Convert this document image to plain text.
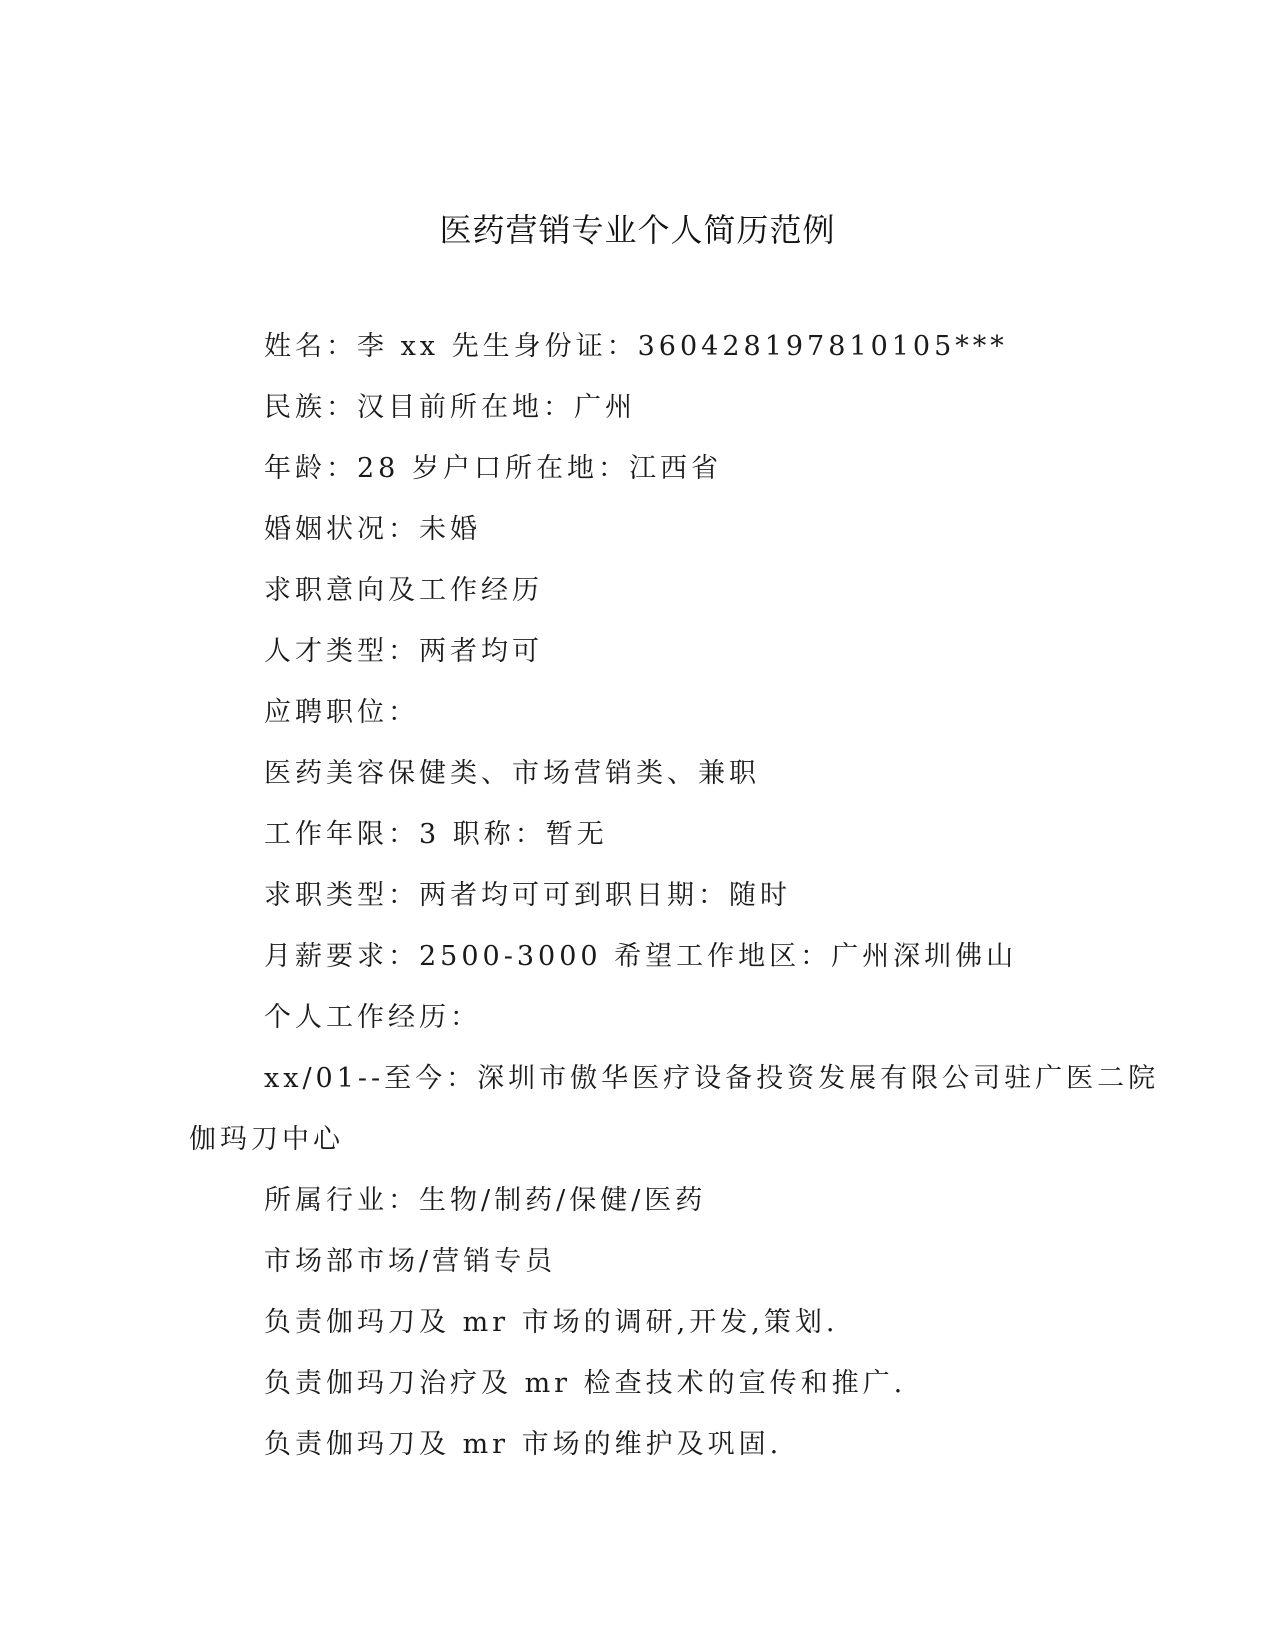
医药营销专业个人简历范例
姓名：李 xx 先生身份证：360428197810105***
民族：汉目前所在地：广州
年龄：28 岁户口所在地：江西省
婚姻状况：未婚
求职意向及工作经历
人才类型：两者均可
应聘职位：
医药美容保健类、市场营销类、兼职
工作年限：3 职称：暂无
求职类型：两者均可可到职日期：随时
月薪要求：2500-3000 希望工作地区：广州深圳佛山
个人工作经历：
xx/01--至今：深圳市傲华医疗设备投资发展有限公司驻广医二院
伽玛刀中心
所属行业：生物/制药/保健/医药
市场部市场/营销专员
负责伽玛刀及 mr 市场的调研,开发,策划.
负责伽玛刀治疗及 mr 检查技术的宣传和推广.
负责伽玛刀及 mr 市场的维护及巩固.
